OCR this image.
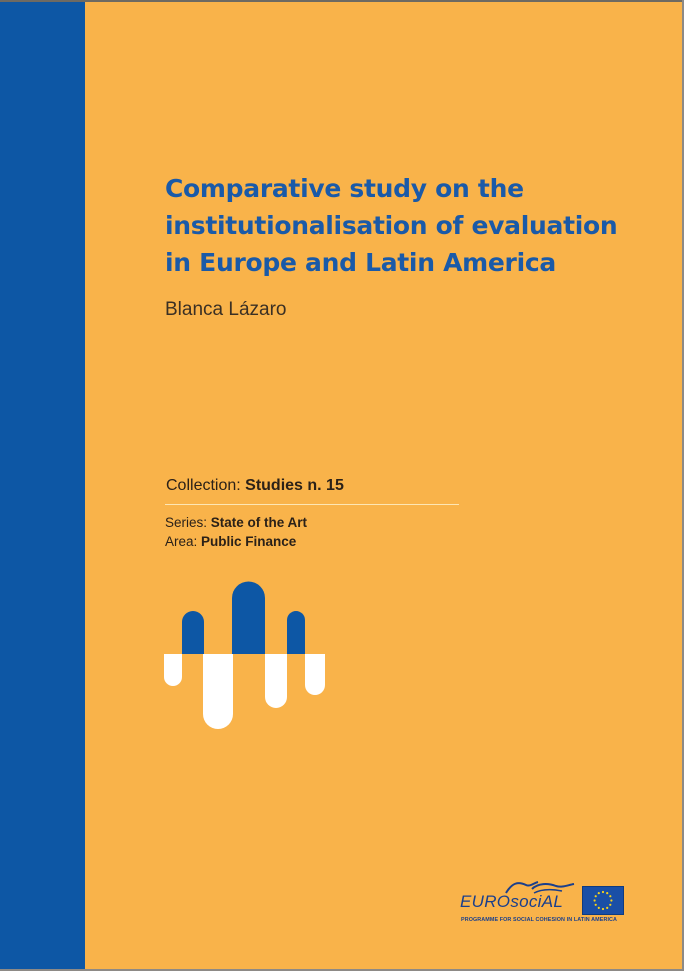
Comparative study on the
institutionalisation of evaluation
in Europe and Latin America
Blanca Lázaro
Collection: Studies n. 15
Series: State of the Art
Area: Public Finance
EUROsociAL
PROGRAMME FOR SOCIAL COHESION IN LATIN AMERICA
